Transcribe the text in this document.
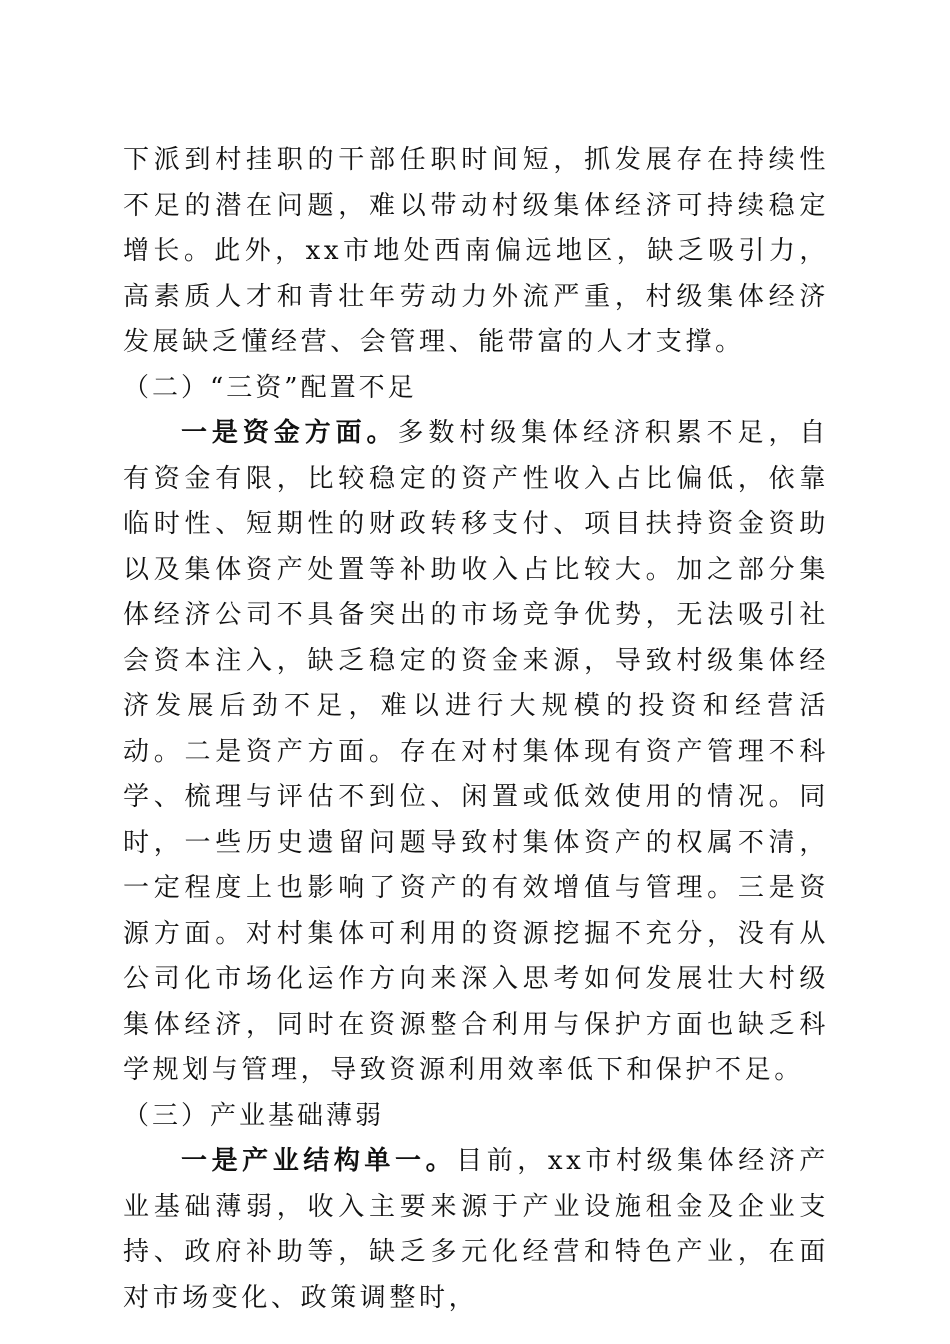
下派到村挂职的干部任职时间短，抓发展存在持续性不足的潜在问题，难以带动村级集体经济可持续稳定增长。此外，xx市地处西南偏远地区，缺乏吸引力，高素质人才和青壮年劳动力外流严重，村级集体经济发展缺乏懂经营、会管理、能带富的人才支撑。

（二）“三资”配置不足

一是资金方面。多数村级集体经济积累不足，自有资金有限，比较稳定的资产性收入占比偏低，依靠临时性、短期性的财政转移支付、项目扶持资金资助以及集体资产处置等补助收入占比较大。加之部分集体经济公司不具备突出的市场竞争优势，无法吸引社会资本注入，缺乏稳定的资金来源，导致村级集体经济发展后劲不足，难以进行大规模的投资和经营活动。二是资产方面。存在对村集体现有资产管理不科学、梳理与评估不到位、闲置或低效使用的情况。同时，一些历史遗留问题导致村集体资产的权属不清，一定程度上也影响了资产的有效增值与管理。三是资源方面。对村集体可利用的资源挖掘不充分，没有从公司化市场化运作方向来深入思考如何发展壮大村级集体经济，同时在资源整合利用与保护方面也缺乏科学规划与管理，导致资源利用效率低下和保护不足。

（三）产业基础薄弱

一是产业结构单一。目前，xx市村级集体经济产业基础薄弱，收入主要来源于产业设施租金及企业支持、政府补助等，缺乏多元化经营和特色产业，在面对市场变化、政策调整时，
